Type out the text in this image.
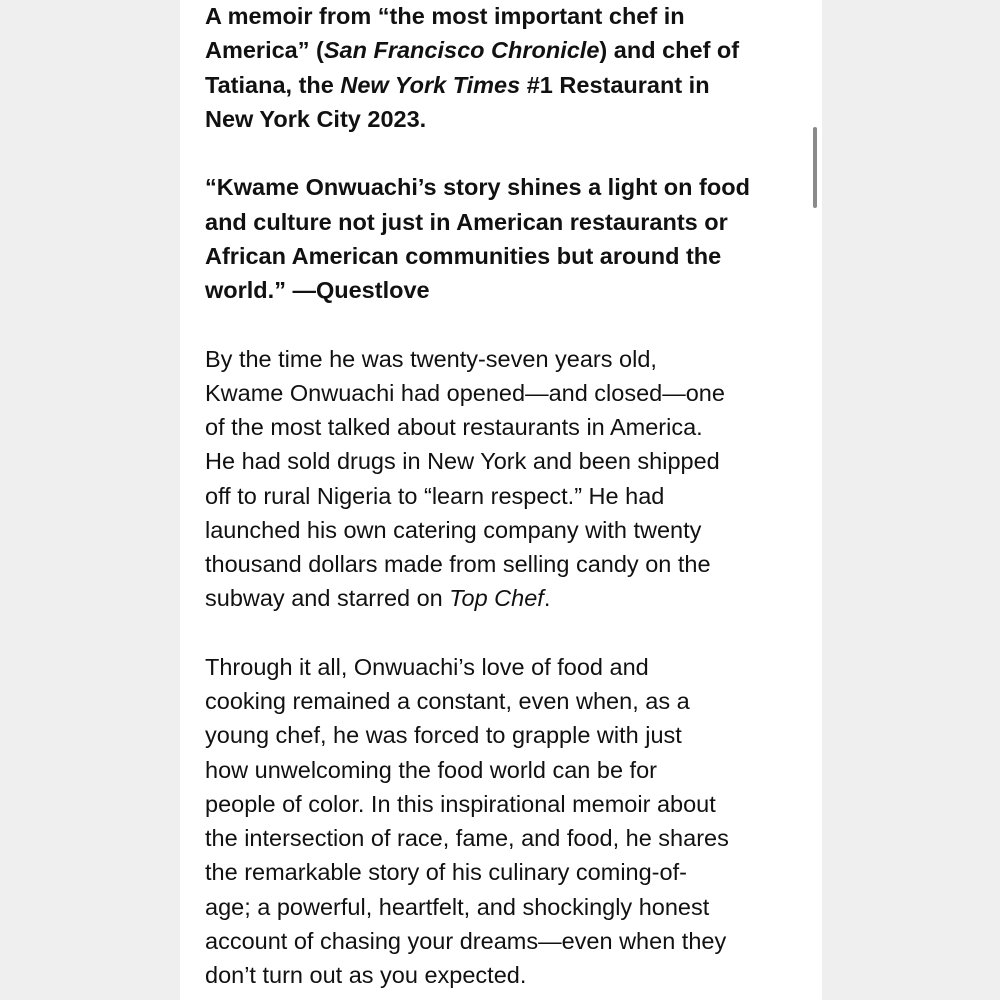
A memoir from “the most important chef in
America” (San Francisco Chronicle) and chef of
Tatiana, the New York Times #1 Restaurant in
New York City 2023.
“Kwame Onwuachi’s story shines a light on food
and culture not just in American restaurants or
African American communities but around the
world.” —Questlove
By the time he was twenty-seven years old,
Kwame Onwuachi had opened—and closed—one
of the most talked about restaurants in America.
He had sold drugs in New York and been shipped
off to rural Nigeria to “learn respect.” He had
launched his own catering company with twenty
thousand dollars made from selling candy on the
subway and starred on Top Chef.
Through it all, Onwuachi’s love of food and
cooking remained a constant, even when, as a
young chef, he was forced to grapple with just
how unwelcoming the food world can be for
people of color. In this inspirational memoir about
the intersection of race, fame, and food, he shares
the remarkable story of his culinary coming-of-
age; a powerful, heartfelt, and shockingly honest
account of chasing your dreams—even when they
don’t turn out as you expected.
